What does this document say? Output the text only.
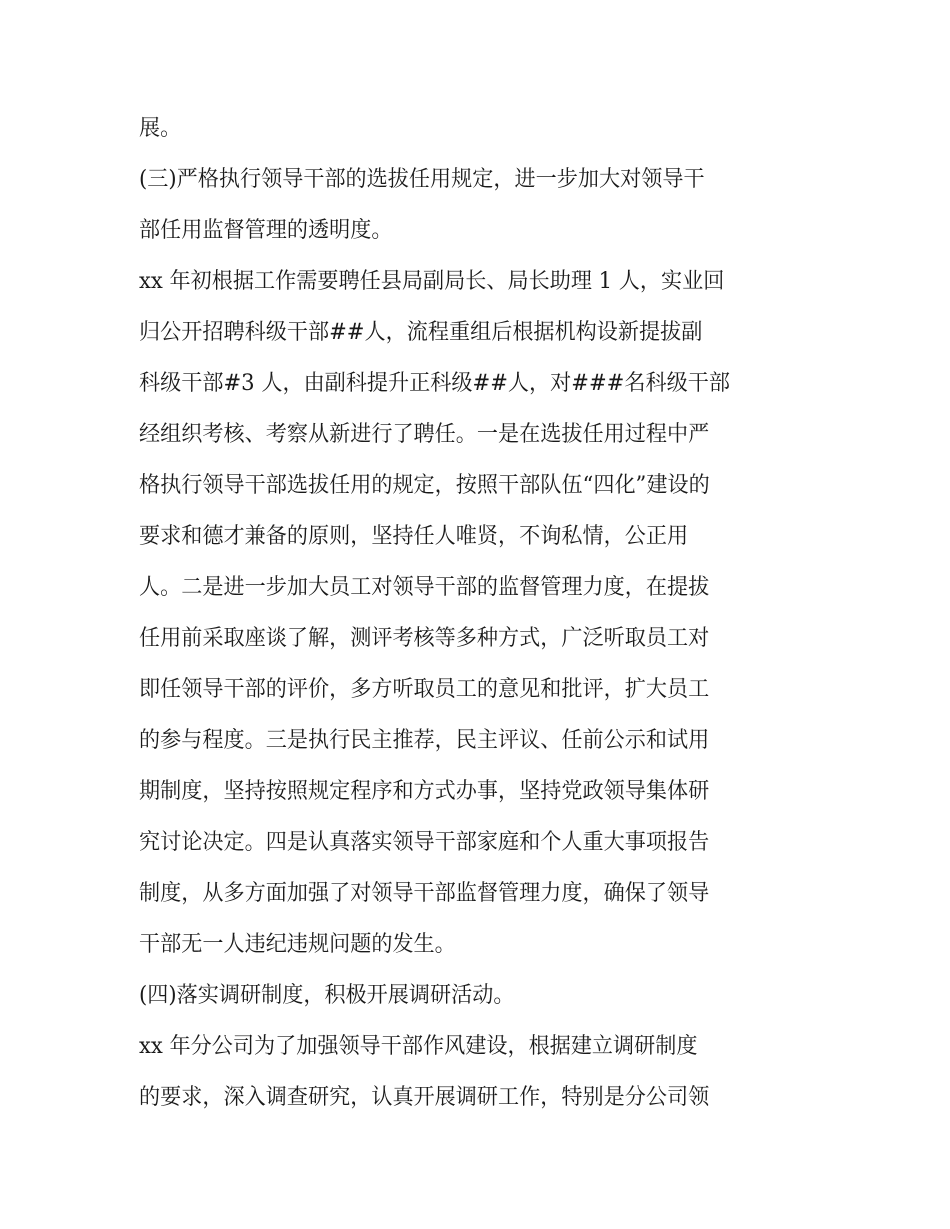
展。
(三)严格执行领导干部的选拔任用规定，进一步加大对领导干
部任用监督管理的透明度。
xx 年初根据工作需要聘任县局副局长、局长助理 1 人，实业回
归公开招聘科级干部##人，流程重组后根据机构设新提拔副
科级干部#3 人，由副科提升正科级##人，对###名科级干部
经组织考核、考察从新进行了聘任。一是在选拔任用过程中严
格执行领导干部选拔任用的规定，按照干部队伍“四化”建设的
要求和德才兼备的原则，坚持任人唯贤，不询私情，公正用
人。二是进一步加大员工对领导干部的监督管理力度，在提拔
任用前采取座谈了解，测评考核等多种方式，广泛听取员工对
即任领导干部的评价，多方听取员工的意见和批评，扩大员工
的参与程度。三是执行民主推荐，民主评议、任前公示和试用
期制度，坚持按照规定程序和方式办事，坚持党政领导集体研
究讨论决定。四是认真落实领导干部家庭和个人重大事项报告
制度，从多方面加强了对领导干部监督管理力度，确保了领导
干部无一人违纪违规问题的发生。
(四)落实调研制度，积极开展调研活动。
xx 年分公司为了加强领导干部作风建设，根据建立调研制度
的要求，深入调查研究，认真开展调研工作，特别是分公司领
